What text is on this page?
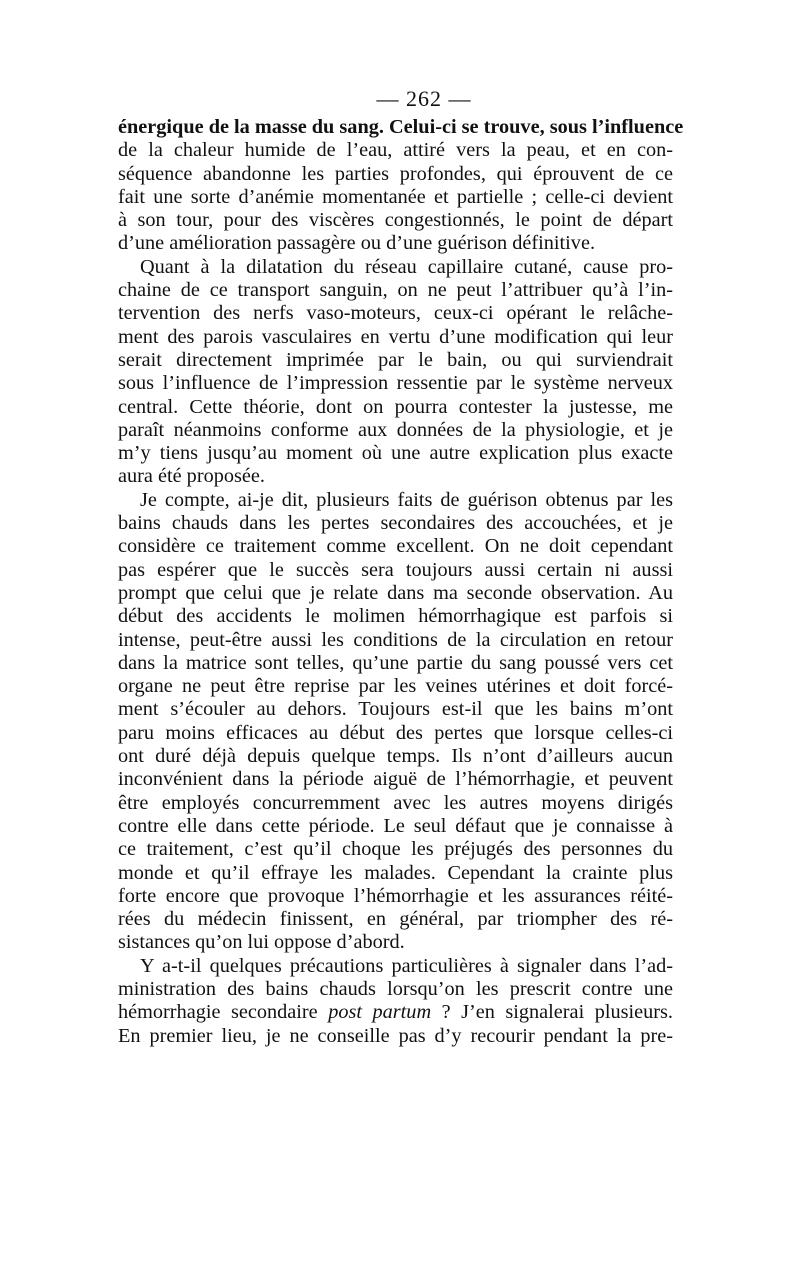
— 262 —
énergique de la masse du sang. Celui-ci se trouve, sous l’influence
de la chaleur humide de l’eau, attiré vers la peau, et en con-
séquence abandonne les parties profondes, qui éprouvent de ce
fait une sorte d’anémie momentanée et partielle ; celle-ci devient
à son tour, pour des viscères congestionnés, le point de départ
d’une amélioration passagère ou d’une guérison définitive.
Quant à la dilatation du réseau capillaire cutané, cause pro-
chaine de ce transport sanguin, on ne peut l’attribuer qu’à l’in-
tervention des nerfs vaso-moteurs, ceux-ci opérant le relâche-
ment des parois vasculaires en vertu d’une modification qui leur
serait directement imprimée par le bain, ou qui surviendrait
sous l’influence de l’impression ressentie par le système nerveux
central. Cette théorie, dont on pourra contester la justesse, me
paraît néanmoins conforme aux données de la physiologie, et je
m’y tiens jusqu’au moment où une autre explication plus exacte
aura été proposée.
Je compte, ai-je dit, plusieurs faits de guérison obtenus par les
bains chauds dans les pertes secondaires des accouchées, et je
considère ce traitement comme excellent. On ne doit cependant
pas espérer que le succès sera toujours aussi certain ni aussi
prompt que celui que je relate dans ma seconde observation. Au
début des accidents le molimen hémorrhagique est parfois si
intense, peut-être aussi les conditions de la circulation en retour
dans la matrice sont telles, qu’une partie du sang poussé vers cet
organe ne peut être reprise par les veines utérines et doit forcé-
ment s’écouler au dehors. Toujours est-il que les bains m’ont
paru moins efficaces au début des pertes que lorsque celles-ci
ont duré déjà depuis quelque temps. Ils n’ont d’ailleurs aucun
inconvénient dans la période aiguë de l’hémorrhagie, et peuvent
être employés concurremment avec les autres moyens dirigés
contre elle dans cette période. Le seul défaut que je connaisse à
ce traitement, c’est qu’il choque les préjugés des personnes du
monde et qu’il effraye les malades. Cependant la crainte plus
forte encore que provoque l’hémorrhagie et les assurances réité-
rées du médecin finissent, en général, par triompher des ré-
sistances qu’on lui oppose d’abord.
Y a-t-il quelques précautions particulières à signaler dans l’ad-
ministration des bains chauds lorsqu’on les prescrit contre une
hémorrhagie secondaire post partum ? J’en signalerai plusieurs.
En premier lieu, je ne conseille pas d’y recourir pendant la pre-
